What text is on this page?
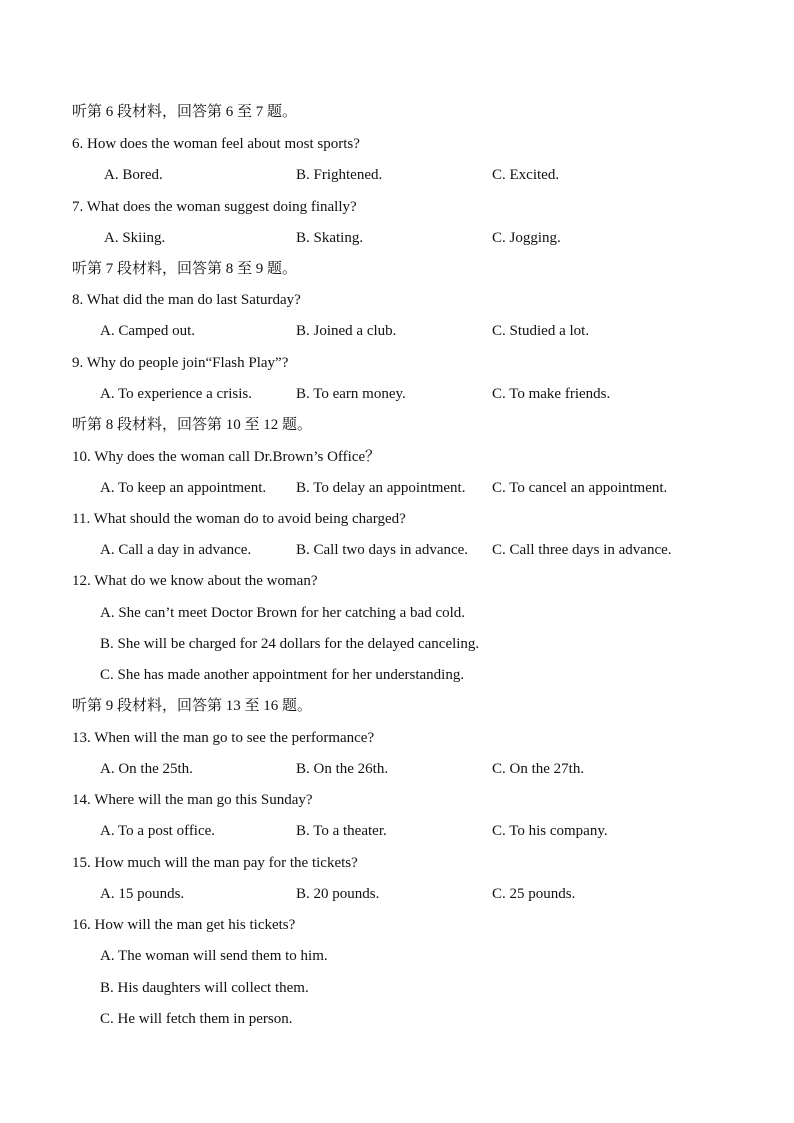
听第 6 段材料，回答第 6 至 7 题。
6. How does the woman feel about most sports?
A. Bored.	B. Frightened.	C. Excited.
7. What does the woman suggest doing finally?
A. Skiing.	B. Skating.	C. Jogging.
听第 7 段材料，回答第 8 至 9 题。
8. What did the man do last Saturday?
A. Camped out.	B. Joined a club.	C. Studied a lot.
9. Why do people join“Flash Play”?
A. To experience a crisis.	B. To earn money.	C. To make friends.
听第 8 段材料，回答第 10 至 12 题。
10. Why does the woman call Dr.Brown’s Office？
A. To keep an appointment. B. To delay an appointment. C. To cancel an appointment.
11. What should the woman do to avoid being charged?
A. Call a day in advance.	B. Call two days in advance. C. Call three days in advance.
12. What do we know about the woman?
A. She can’t meet Doctor Brown for her catching a bad cold.
B. She will be charged for 24 dollars for the delayed canceling.
C. She has made another appointment for her understanding.
听第 9 段材料，回答第 13 至 16 题。
13. When will the man go to see the performance?
A. On the 25th.	B. On the 26th.	C. On the 27th.
14. Where will the man go this Sunday?
A. To a post office.	B. To a theater.	C. To his company.
15. How much will the man pay for the tickets?
A. 15 pounds.	B. 20 pounds.	C. 25 pounds.
16. How will the man get his tickets?
A. The woman will send them to him.
B. His daughters will collect them.
C. He will fetch them in person.
